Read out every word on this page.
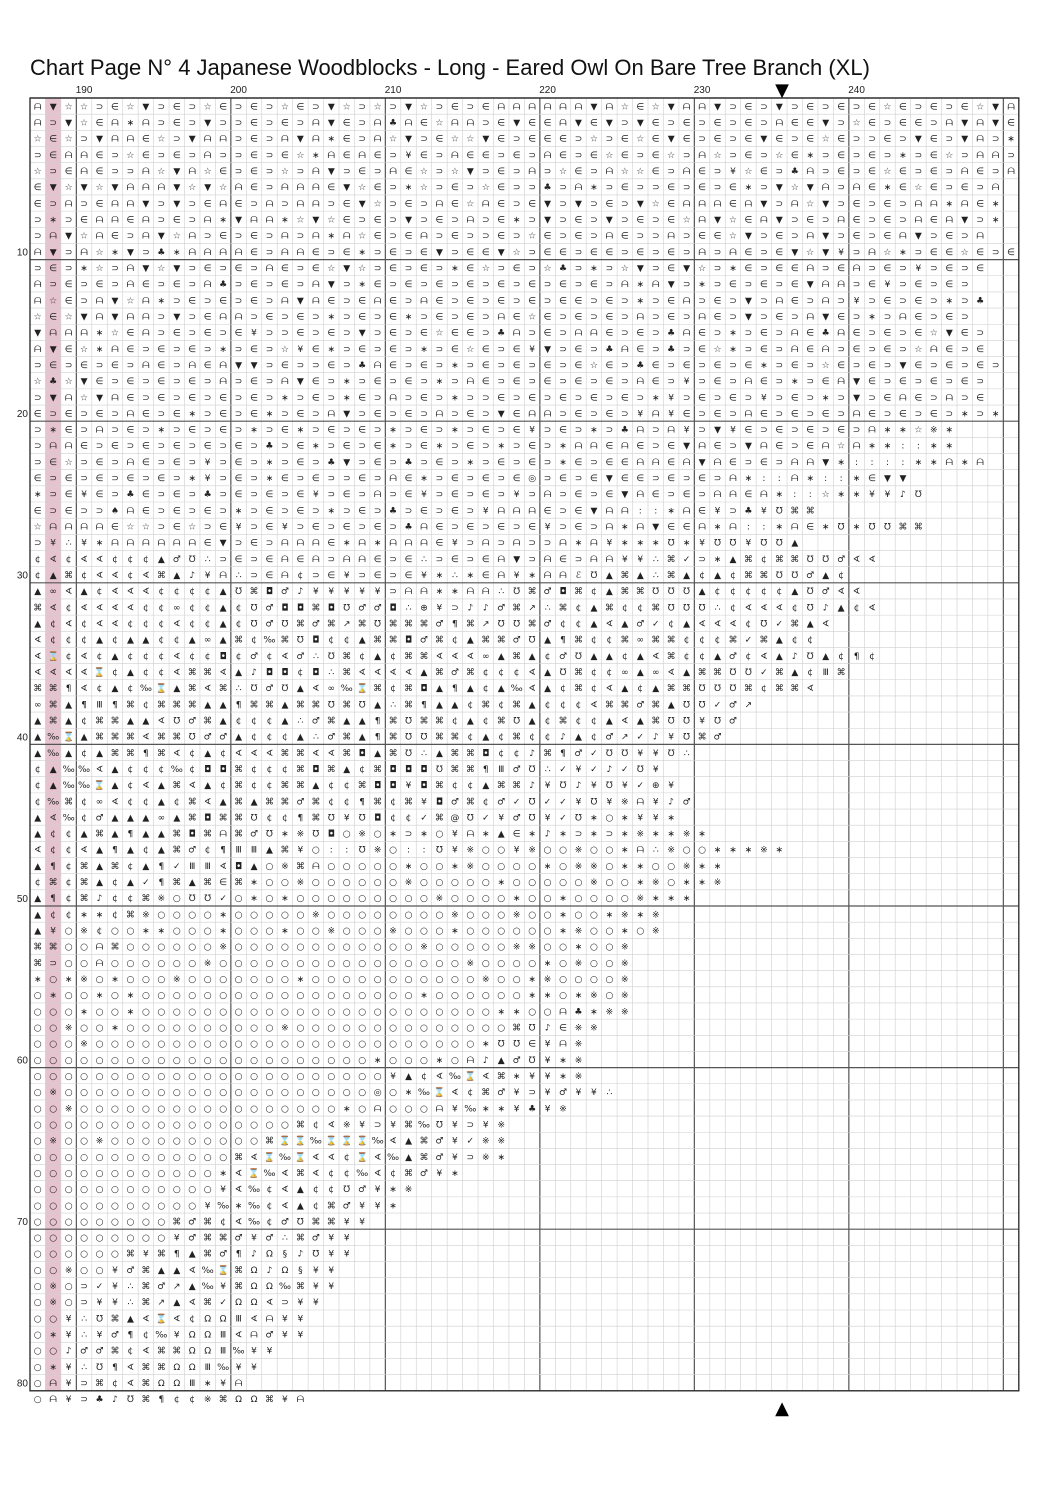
Chart Page N° 4 Japanese Woodblocks - Long - Eared Owl On Bare Tree Branch (XL)
ᗩ ▼ ☆ ☆ ⊃ ∈ ☆ ▼ ⊃ ∈ ⊃ ☆ ∈ ⊃ ∈ ⊃ ☆ ∈ ⊃ ▼ ☆ ⊃ ☆ ⊃ ▼ ☆ ⊃ ∈ ⊃ ∈ ᗩ ᗩ ᗩ ᗩ ᗩ ᗩ ▼ ᗩ ☆ ∈ ☆ ▼ ᗩ ᗩ ▼ ⊃ ∈ ⊃ ▼ ⊃ ∈ ⊃ ∈ ⊃ ∈ ☆ ∈ ⊃ ∈ ⊃ ∈ ☆ ▼ ᗩ
ᗩ ⊃ ▼ ☆ ∈ ᗩ ∗ ᗩ ⊃ ∈ ⊃ ▼ ⊃ ⊃ ∈ ⊃ ∈ ⊃ ᗩ ▼ ∈ ⊃ ᗩ ♣ ᗩ ∈ ☆ ᗩ ᗩ ⊃ ∈ ▼ ∈ ∈ ᗩ ▼ ∈ ▼ ⊃ ▼ ∈ ⊃ ∈ ⊃ ∈ ⊃ ∈ ⊃ ᗩ ∈ ∈ ▼ ⊃ ☆ ∈ ⊃ ∈ ∈ ⊃ ᗩ ▼ ᗩ ▼ ∈
☆ ∈ ☆ ⊃ ▼ ᗩ ᗩ ∈ ☆ ⊃ ▼ ᗩ ᗩ ⊃ ∈ ⊃ ᗩ ▼ ᗩ ∗ ∈ ⊃ ᗩ ☆ ▼ ⊃ ∈ ☆ ☆ ▼ ∈ ⊃ ∈ ∈ ∈ ⊃ ☆ ⊃ ∈ ☆ ∈ ▼ ∈ ⊃ ∈ ⊃ ∈ ▼ ∈ ⊃ ∈ ☆ ∈ ⊃ ⊃ ∈ ⊃ ▼ ∈ ⊃ ▼ ᗩ ⊃ ∗
⊃ ∈ ᗩ ᗩ ∈ ⊃ ☆ ∈ ⊃ ∈ ⊃ ᗩ ⊃ ⊃ ∈ ⊃ ∈ ☆ ∗ ᗩ ∈ ᗩ ∈ ⊃ ¥ ∈ ⊃ ᗩ ∈ ∈ ⊃ ∈ ⊃ ᗩ ∈ ⊃ ∈ ☆ ∈ ⊃ ∈ ☆ ⊃ ᗩ ☆ ⊃ ∈ ⊃ ☆ ∈ ∗ ⊃ ∈ ⊃ ∈ ⊃ ∗ ⊃ ∈ ☆ ⊃ ᗩ ᗩ ⊃
☆ ⊃ ∈ ᗩ ∈ ⊃ ⊃ ᗩ ☆ ▼ ᗩ ☆ ∈ ⊃ ∈ ⊃ ☆ ⊃ ᗩ ▼ ⊃ ∈ ⊃ ᗩ ∈ ☆ ⊃ ☆ ▼ ⊃ ∈ ⊃ ᗩ ⊃ ☆ ∈ ⊃ ᗩ ☆ ☆ ∈ ⊃ ᗩ ∈ ⊃ ¥ ☆ ∈ ⊃ ♣ ᗩ ⊃ ∈ ⊃ ∈ ☆ ∈ ⊃ ∈ ⊃ ᗩ ∈ ⊃ ᗩ
∈ ▼ ☆ ▼ ☆ ▼ ᗩ ᗩ ᗩ ▼ ☆ ▼ ☆ ᗩ ∈ ⊃ ᗩ ᗩ ᗩ ∈ ▼ ☆ ∈ ⊃ ∗ ☆ ⊃ ∈ ⊃ ☆ ∈ ⊃ ⊃ ♣ ⊃ ᗩ ∗ ⊃ ∈ ⊃ ⊃ ∈ ⊃ ∈ ⊃ ∈ ∗ ⊃ ▼ ☆ ▼ ᗩ ⊃ ᗩ ∈ ∗ ∈ ☆ ∈ ⊃ ∈ ⊃ ᗩ
∈ ⊃ ᗩ ⊃ ∈ ᗩ ᗩ ▼ ⊃ ▼ ⊃ ∈ ᗩ ∈ ⊃ ᗩ ⊃ ᗩ ᗩ ⊃ ∈ ▼ ☆ ⊃ ∈ ⊃ ᗩ ∈ ☆ ᗩ ∈ ⊃ ∈ ▼ ⊃ ▼ ⊃ ∈ ⊃ ▼ ☆ ∈ ᗩ ᗩ ᗩ ∈ ᗩ ▼ ⊃ ᗩ ☆ ▼ ⊃ ∈ ⊃ ∈ ⊃ ᗩ ᗩ ∗ ᗩ ∈ ∗
⊃ ∗ ⊃ ∈ ᗩ ᗩ ∈ ᗩ ⊃ ∈ ⊃ ᗩ ∗ ▼ ᗩ ᗩ ∗ ☆ ▼ ☆ ∈ ⊃ ∈ ⊃ ▼ ⊃ ∈ ⊃ ᗩ ⊃ ∈ ∗ ⊃ ▼ ⊃ ∈ ⊃ ▼ ⊃ ∈ ⊃ ∈ ☆ ᗩ ▼ ☆ ∈ ᗩ ▼ ⊃ ∈ ⊃ ᗩ ∈ ⊃ ∈ ⊃ ᗩ ∈ ᗩ ▼ ⊃ ∗
⊃ ᗩ ▼ ☆ ᗩ ∈ ⊃ ᗩ ▼ ☆ ᗩ ⊃ ∈ ⊃ ∈ ⊃ ᗩ ⊃ ᗩ ∗ ᗩ ☆ ∈ ⊃ ∈ ᗩ ⊃ ∈ ⊃ ⊃ ∈ ⊃ ☆ ∈ ⊃ ∈ ⊃ ᗩ ∈ ⊃ ⊃ ᗩ ⊃ ∈ ∈ ☆ ▼ ⊃ ∈ ⊃ ᗩ ▼ ⊃ ∈ ⊃ ∈ ᗩ ▼ ⊃ ∈ ⊃ ᗩ
ᗩ ▼ ⊃ ᗩ ☆ ∗ ▼ ⊃ ♣ ∗ ᗩ ᗩ ᗩ ᗩ ∈ ⊃ ᗩ ᗩ ∈ ⊃ ∈ ∗ ⊃ ∈ ⊃ ∈ ▼ ⊃ ∈ ∈ ▼ ☆ ⊃ ∈ ∈ ⊃ ∈ ∈ ⊃ ∈ ⊃ ∈ ⊃ ᗩ ⊃ ᗩ ∈ ⊃ ∈ ▼ ☆ ▼ ¥ ⊃ ᗩ ☆ ∗ ⊃ ∈ ∈ ☆ ∈ ⊃ ∈
⊃ ∈ ⊃ ∗ ☆ ⊃ ᗩ ▼ ☆ ▼ ⊃ ∈ ⊃ ∈ ⊃ ᗩ ∈ ⊃ ∈ ☆ ▼ ☆ ⊃ ∈ ⊃ ∈ ⊃ ∗ ∈ ☆ ⊃ ∈ ⊃ ☆ ♣ ⊃ ∗ ⊃ ☆ ▼ ⊃ ∈ ▼ ☆ ⊃ ∗ ∈ ⊃ ∈ ∈ ᗩ ⊃ ∈ ᗩ ⊃ ∈ ⊃ ¥ ⊃ ∈ ⊃ ∈
ᗩ ⊃ ∈ ⊃ ∈ ⊃ ᗩ ∈ ⊃ ∈ ⊃ ᗩ ♣ ⊃ ∈ ⊃ ∈ ⊃ ᗩ ▼ ⊃ ∗ ∈ ⊃ ∈ ⊃ ∈ ⊃ ∈ ⊃ ∈ ⊃ ∈ ⊃ ∈ ⊃ ∈ ⊃ ᗩ ∗ ᗩ ▼ ⊃ ∗ ⊃ ∈ ⊃ ∈ ⊃ ∈ ▼ ᗩ ᗩ ⊃ ∈ ¥ ⊃ ∈ ⊃ ∈ ⊃
ᗩ ☆ ∈ ⊃ ᗩ ▼ ☆ ᗩ ∗ ⊃ ∈ ⊃ ∈ ⊃ ∈ ⊃ ᗩ ▼ ᗩ ∈ ⊃ ∈ ᗩ ∈ ⊃ ᗩ ∈ ⊃ ∈ ⊃ ∈ ⊃ ∈ ⊃ ∈ ∈ ⊃ ∈ ⊃ ∗ ⊃ ∈ ᗩ ⊃ ∈ ⊃ ▼ ⊃ ᗩ ∈ ⊃ ᗩ ⊃ ¥ ⊃ ∈ ⊃ ∈ ⊃ ∗ ⊃ ♣
☆ ∈ ☆ ▼ ᗩ ▼ ᗩ ᗩ ⊃ ▼ ⊃ ∈ ᗩ ᗩ ⊃ ∈ ⊃ ∈ ⊃ ∗ ⊃ ∈ ⊃ ∈ ∗ ⊃ ∈ ⊃ ∈ ⊃ ᗩ ∈ ☆ ∈ ⊃ ∈ ⊃ ∈ ⊃ ᗩ ⊃ ∈ ⊃ ᗩ ∈ ⊃ ▼ ⊃ ∈ ⊃ ᗩ ▼ ∈ ⊃ ∗ ⊃ ᗩ ∈ ⊃ ∈ ⊃
▼ ᗩ ᗩ ᗩ ∗ ☆ ∈ ᗩ ⊃ ∈ ⊃ ∈ ⊃ ∈ ¥ ⊃ ⊃ ∈ ⊃ ∈ ⊃ ▼ ⊃ ∈ ⊃ ∈ ☆ ∈ ∈ ⊃ ♣ ᗩ ⊃ ∈ ⊃ ᗩ ᗩ ∈ ⊃ ∈ ⊃ ♣ ᗩ ∈ ⊃ ∗ ⊃ ∈ ⊃ ᗩ ∈ ♣ ᗩ ∈ ⊃ ∈ ⊃ ∈ ☆ ▼ ∈ ⊃
ᗩ ▼ ∈ ☆ ∗ ᗩ ∈ ⊃ ∈ ⊃ ∈ ⊃ ∗ ⊃ ∈ ⊃ ☆ ¥ ∈ ∗ ⊃ ∈ ⊃ ∈ ⊃ ∗ ⊃ ∈ ☆ ∈ ⊃ ∈ ¥ ▼ ⊃ ∈ ⊃ ♣ ᗩ ∈ ⊃ ♣ ⊃ ∈ ☆ ∗ ⊃ ∈ ⊃ ᗩ ∈ ᗩ ⊃ ∈ ⊃ ∈ ⊃ ☆ ᗩ ∈ ⊃ ∈
⊃ ∈ ⊃ ∈ ⊃ ∈ ⊃ ᗩ ∈ ⊃ ᗩ ∈ ᗩ ▼ ▼ ⊃ ∈ ⊃ ⊃ ∈ ⊃ ♣ ᗩ ∈ ⊃ ∈ ⊃ ∗ ⊃ ∈ ⊃ ∈ ⊃ ∈ ⊃ ∈ ☆ ∈ ⊃ ♣ ∈ ⊃ ∈ ⊃ ∈ ⊃ ∈ ∗ ⊃ ∈ ⊃ ☆ ∈ ⊃ ∈ ⊃ ▼ ∈ ⊃ ∈ ⊃ ∈ ⊃
☆ ♣ ☆ ▼ ∈ ⊃ ∈ ⊃ ∈ ⊃ ∈ ⊃ ᗩ ⊃ ∈ ⊃ ᗩ ▼ ∈ ⊃ ∗ ⊃ ∈ ⊃ ∈ ⊃ ∗ ⊃ ᗩ ∈ ⊃ ∈ ⊃ ∈ ⊃ ∈ ⊃ ∈ ⊃ ᗩ ∈ ⊃ ¥ ⊃ ∈ ⊃ ᗩ ∈ ⊃ ∗ ⊃ ∈ ᗩ ▼ ∈ ⊃ ∈ ⊃ ∈ ⊃ ∈ ⊃
⊃ ▼ ᗩ ☆ ▼ ᗩ ∈ ⊃ ∈ ⊃ ∈ ⊃ ∈ ⊃ ∈ ⊃ ∗ ⊃ ∈ ⊃ ∗ ∈ ⊃ ᗩ ⊃ ∈ ⊃ ∗ ⊃ ⊃ ∈ ⊃ ∈ ⊃ ∈ ⊃ ∈ ⊃ ∈ ⊃ ∗ ¥ ⊃ ∈ ⊃ ∈ ⊃ ¥ ⊃ ∈ ⊃ ∗ ⊃ ▼ ⊃ ∈ ᗩ ∈ ⊃ ᗩ ⊃ ∈
∈ ⊃ ∈ ⊃ ∈ ⊃ ᗩ ∈ ⊃ ∈ ∗ ⊃ ∈ ⊃ ∈ ∗ ⊃ ∈ ⊃ ᗩ ▼ ⊃ ∈ ⊃ ∈ ⊃ ᗩ ⊃ ∈ ⊃ ▼ ∈ ᗩ ᗩ ⊃ ∈ ⊃ ∈ ⊃ ¥ ᗩ ¥ ∈ ⊃ ∈ ⊃ ᗩ ∈ ⊃ ∈ ⊃ ∈ ⊃ ᗩ ∈ ⊃ ∈ ⊃ ∈ ⊃ ∗ ⊃ ∗
⊃ ∗ ∈ ⊃ ᗩ ⊃ ∈ ⊃ ∗ ⊃ ∈ ⊃ ∈ ⊃ ∗ ⊃ ∈ ∗ ⊃ ∈ ⊃ ∈ ⊃ ∗ ⊃ ∈ ⊃ ∗ ⊃ ∈ ⊃ ∈ ¥ ⊃ ∈ ⊃ ∗ ⊃ ♣ ᗩ ⊃ ᗩ ¥ ⊃ ▼ ¥ ∈ ⊃ ∈ ⊃ ∈ ⊃ ∈ ⊃ ᗩ ∗ ∗ ☆ ※ ∗
⊃ ᗩ ᗩ ∈ ⊃ ∈ ⊃ ∈ ⊃ ∈ ⊃ ∈ ⊃ ∈ ⊃ ♣ ⊃ ∈ ∗ ⊃ ∈ ⊃ ∈ ∗ ⊃ ∈ ∗ ⊃ ∈ ⊃ ∗ ⊃ ∈ ⊃ ∗ ᗩ ᗩ ∈ ᗩ ∈ ⊃ ∈ ▼ ᗩ ∈ ⊃ ▼ ᗩ ∈ ⊃ ∈ ᗩ ☆ ᗩ ∗ ∗ : : ∗ ∗
⊃ ∈ ☆ ⊃ ∈ ⊃ ᗩ ∈ ⊃ ∈ ⊃ ¥ ⊃ ∈ ⊃ ∗ ⊃ ∈ ⊃ ♣ ▼ ⊃ ∈ ⊃ ♣ ⊃ ∈ ⊃ ∗ ⊃ ∈ ⊃ ∈ ⊃ ∗ ∈ ⊃ ∈ ∈ ᗩ ᗩ ∈ ᗩ ▼ ᗩ ∈ ⊃ ∈ ⊃ ᗩ ᗩ ▼ ∗ : : : : ∗ ∗ ᗩ ∗ ᗩ
∈ ⊃ ∈ ⊃ ∈ ⊃ ∈ ⊃ ∈ ⊃ ∗ ¥ ⊃ ∈ ⊃ ∗ ∈ ⊃ ∈ ⊃ ⊃ ∈ ⊃ ᗩ ∈ ∗ ⊃ ∈ ⊃ ∈ ⊃ ∈ ◎ ⊃ ∈ ⊃ ∈ ▼ ∈ ∈ ⊃ ∈ ⊃ ∈ ⊃ ᗩ ∗ : : ᗩ ∗ : : ∗ ∈ ▼ ▼
∗ ⊃ ∈ ¥ ∈ ⊃ ♣ ∈ ⊃ ∈ ⊃ ♣ ⊃ ∈ ⊃ ∈ ⊃ ∈ ¥ ⊃ ∈ ⊃ ᗩ ⊃ ∈ ¥ ⊃ ∈ ⊃ ∈ ⊃ ¥ ⊃ ᗩ ⊃ ∈ ⊃ ∈ ▼ ᗩ ∈ ⊃ ∈ ⊃ ᗩ ᗩ ∈ ᗩ ∗ : : ☆ ∗ ∗ ¥ ¥ ♪ ℧
∈ ⊃ ∈ ⊃ ⊃ ♠ ᗩ ∈ ⊃ ∈ ⊃ ∈ ⊃ ∗ ⊃ ∈ ⊃ ∈ ⊃ ∗ ⊃ ∈ ⊃ ♣ ⊃ ∈ ⊃ ∈ ⊃ ¥ ᗩ ᗩ ᗩ ∈ ⊃ ∈ ▼ ᗩ ᗩ : : ∗ ᗩ ∈ ¥ ⊃ ♣ ¥ ℧ ⌘ ⌘
☆ ᗩ ᗩ ᗩ ᗩ ∈ ☆ ☆ ⊃ ∈ ☆ ⊃ ∈ ¥ ⊃ ∈ ¥ ⊃ ∈ ⊃ ∈ ⊃ ∈ ⊃ ♣ ᗩ ∈ ⊃ ∈ ⊃ ∈ ⊃ ∈ ¥ ⊃ ∈ ⊃ ᗩ ∗ ᗩ ▼ ∈ ∈ ᗩ ∗ ᗩ : : ∗ ᗩ ∈ ∗ ℧ ∗ ℧ ℧ ⌘ ⌘
⊃ ¥ ∴ ¥ ∗ ᗩ ᗩ ᗩ ᗩ ᗩ ᗩ ∈ ▼ ⊃ ∈ ⊃ ᗩ ᗩ ᗩ ∈ ∗ ᗩ ∗ ᗩ ᗩ ᗩ ∈ ¥ ⊃ ᗩ ⊃ ᗩ ⊃ ⊃ ᗩ ∗ ᗩ ¥ ∗ ∗ ∗ ℧ ∗ ¥ ℧ ℧ ¥ ℧ ℧ ▲
¢ ∢ ¢ ∢ ∢ ¢ ¢ ¢ ▲ ♂ ℧ ∴ ⊃ ∈ ⊃ ∈ ᗩ ∈ ᗩ ⊃ ᗩ ᗩ ∈ ⊃ ∈ ∴ ⊃ ∈ ⊃ ∈ ᗩ ▼ ⊃ ᗩ ∈ ⊃ ᗩ ᗩ ¥ ¥ ∴ ⌘ ✓ ⊃ ∗ ▲ ⌘ ¢ ⌘ ⌘ ℧ ℧ ♂ ∢ ∢
¢ ▲ ⌘ ¢ ∢ ∢ ¢ ∢ ⌘ ▲ ♪ ¥ ᗩ ∴ ⊃ ∈ ᗩ ¢ ⊃ ∈ ¥ ⊃ ∈ ⊃ ∈ ¥ ∗ ∴ ∗ ∈ ᗩ ¥ ∗ ᗩ ᗩ ℰ ℧ ▲ ⌘ ▲ ∴ ⌘ ▲ ¢ ▲ ¢ ⌘ ⌘ ℧ ℧ ♂ ▲ ¢
▲ ∞ ∢ ▲ ¢ ∢ ∢ ∢ ¢ ¢ ¢ ¢ ▲ ℧ ⌘ ◘ ♂ ♪ ¥ ¥ ¥ ¥ ¥ ⊃ ᗩ ᗩ ∗ ∗ ᗩ ᗩ ∴ ℧ ⌘ ♂ ◘ ⌘ ¢ ▲ ⌘ ⌘ ℧ ℧ ℧ ▲ ¢ ¢ ¢ ¢ ¢ ▲ ℧ ♂ ∢ ∢
⌘ ∢ ¢ ∢ ∢ ∢ ∢ ¢ ¢ ∞ ¢ ¢ ▲ ¢ ℧ ♂ ◘ ◘ ⌘ ◘ ℧ ♂ ♂ ◘ ∴ ⊕ ¥ ⊃ ♪ ♪ ♂ ⌘ ↗ ∴ ⌘ ¢ ▲ ⌘ ¢ ¢ ⌘ ℧ ℧ ℧ ∴ ¢ ∢ ∢ ∢ ¢ ℧ ♪ ▲ ¢ ∢
▲ ¢ ∢ ¢ ∢ ∢ ¢ ¢ ¢ ∢ ¢ ¢ ▲ ¢ ℧ ♂ ℧ ⌘ ♂ ⌘ ↗ ⌘ ℧ ⌘ ⌘ ⌘ ♂ ¶ ⌘ ↗ ℧ ℧ ⌘ ♂ ¢ ¢ ▲ ∢ ▲ ♂ ✓ ¢ ▲ ∢ ∢ ∢ ¢ ℧ ✓ ⌘ ▲ ∢
∢ ¢ ¢ ¢ ▲ ¢ ▲ ▲ ¢ ¢ ▲ ∞ ▲ ⌘ ¢ ‰ ⌘ ℧ ◘ ¢ ¢ ▲ ⌘ ⌘ ◘ ♂ ⌘ ¢ ▲ ⌘ ⌘ ♂ ℧ ▲ ¶ ⌘ ¢ ¢ ⌘ ∞ ⌘ ⌘ ¢ ¢ ¢ ⌘ ✓ ⌘ ▲ ¢ ¢
∢ ⌛ ¢ ∢ ¢ ▲ ¢ ¢ ¢ ∢ ¢ ¢ ◘ ¢ ♂ ¢ ∢ ♂ ∴ ℧ ⌘ ¢ ▲ ¢ ⌘ ⌘ ∢ ∢ ∢ ∞ ▲ ⌘ ▲ ¢ ♂ ℧ ▲ ▲ ¢ ▲ ∢ ⌘ ¢ ¢ ▲ ♂ ¢ ∢ ▲ ♪ ℧ ▲ ¢ ¶ ¢
∢ ∢ ∢ ∢ ⌛ ¢ ▲ ¢ ¢ ∢ ⌘ ⌘ ∢ ▲ ♪ ◘ ◘ ¢ ◘ ∴ ⌘ ∢ ∢ ∢ ∢ ▲ ⌘ ♂ ⌘ ¢ ¢ ¢ ∢ ▲ ℧ ⌘ ¢ ¢ ∞ ▲ ∞ ∢ ▲ ⌘ ⌘ ℧ ℧ ✓ ⌘ ▲ ¢ Ⅲ ⌘
⌘ ⌘ ¶ ∢ ¢ ▲ ¢ ‰ ⌛ ▲ ⌘ ∢ ⌘ ∴ ℧ ♂ ℧ ▲ ∢ ∞ ‰ ⌛ ⌘ ¢ ⌘ ◘ ▲ ¶ ▲ ¢ ▲ ‰ ∢ ▲ ¢ ⌘ ¢ ∢ ▲ ¢ ▲ ⌘ ⌘ ℧ ℧ ℧ ⌘ ¢ ⌘ ⌘ ∢
∞ ⌘ ▲ ¶ Ⅲ ¶ ⌘ ¢ ⌘ ⌘ ⌘ ▲ ▲ ¶ ⌘ ⌘ ▲ ⌘ ⌘ ℧ ⌘ ℧ ▲ ∴ ⌘ ¶ ▲ ▲ ¢ ⌘ ¢ ⌘ ▲ ¢ ¢ ¢ ∢ ⌘ ⌘ ♂ ⌘ ▲ ℧ ℧ ✓ ♂ ↗
▲ ⌘ ▲ ¢ ⌘ ⌘ ▲ ▲ ∢ ℧ ♂ ⌘ ▲ ¢ ¢ ¢ ▲ ∴ ♂ ⌘ ▲ ▲ ¶ ⌘ ℧ ⌘ ⌘ ¢ ▲ ¢ ⌘ ℧ ▲ ¢ ⌘ ¢ ¢ ▲ ∢ ▲ ⌘ ℧ ℧ ¥ ℧ ♂
▲ ‰ ⌛ ▲ ⌘ ⌘ ⌘ ∢ ⌘ ⌘ ℧ ♂ ♂ ▲ ¢ ¢ ¢ ▲ ∴ ♂ ⌘ ▲ ¶ ⌘ ℧ ℧ ⌘ ⌘ ¢ ▲ ¢ ⌘ ¢ ¢ ♪ ▲ ¢ ♂ ↗ ✓ ♪ ¥ ℧ ⌘ ♂
▲ ‰ ▲ ¢ ▲ ⌘ ⌘ ¶ ⌘ ∢ ¢ ▲ ¢ ∢ ∢ ∢ ⌘ ⌘ ∢ ∢ ⌘ ◘ ▲ ⌘ ℧ ∴ ▲ ⌘ ⌘ ◘ ¢ ¢ ♪ ⌘ ¶ ♂ ✓ ℧ ℧ ¥ ¥ ℧ ∴
¢ ▲ ‰ ‰ ∢ ▲ ¢ ¢ ¢ ‰ ¢ ◘ ◘ ⌘ ¢ ¢ ¢ ⌘ ◘ ⌘ ▲ ¢ ⌘ ◘ ◘ ◘ ℧ ⌘ ⌘ ¶ Ⅲ ♂ ℧ ∴ ✓ ¥ ✓ ♪ ✓ ℧ ¥
¢ ▲ ‰ ‰ ⌛ ▲ ¢ ∢ ▲ ⌘ ∢ ▲ ¢ ⌘ ¢ ¢ ⌘ ⌘ ▲ ¢ ¢ ⌘ ◘ ◘ ¥ ◘ ⌘ ¢ ¢ ▲ ⌘ ⌘ ♪ ¥ ℧ ♪ ¥ ℧ ¥ ✓ ⊕ ¥
¢ ‰ ⌘ ¢ ∞ ∢ ¢ ¢ ▲ ¢ ⌘ ∢ ▲ ⌘ ▲ ⌘ ⌘ ♂ ⌘ ¢ ¢ ¶ ⌘ ¢ ⌘ ¥ ◘ ♂ ⌘ ¢ ♂ ✓ ℧ ✓ ✓ ¥ ℧ ¥ ※ ᗩ ¥ ♪ ♂
▲ ∢ ‰ ¢ ♂ ▲ ▲ ▲ ∞ ▲ ⌘ ◘ ⌘ ⌘ ℧ ¢ ¢ ¶ ⌘ ℧ ¥ ℧ ◘ ¢ ¢ ✓ ⌘ @ ℧ ✓ ¥ ♂ ℧ ¥ ✓ ℧ ∗ ○ ∗ ¥ ¥ ∗
▲ ¢ ¢ ▲ ⌘ ▲ ¶ ▲ ▲ ⌘ ◘ ⌘ ᗩ ⌘ ♂ ℧ ∗ ※ ℧ ◘ ○ ※ ○ ∗ ⊃ ∗ ○ ¥ ᗩ ∗ ▲ ∈ ∗ ♪ ∗ ⊃ ∗ ⊃ ∗ ※ ∗ ∗ ※ ∗
∢ ¢ ¢ ∢ ▲ ¶ ▲ ¢ ▲ ⌘ ♂ ¢ ¶ Ⅲ Ⅲ ▲ ⌘ ¥ ○ : : ℧ ※ ○ : : ℧ ¥ ※ ○ ○ ¥ ※ ○ ○ ※ ○ ○ ∗ ᗩ ∴ ※ ○ ○ ∗ ∗ ∗ ※ ∗
▲ ¶ ¢ ⌘ ▲ ⌘ ¢ ▲ ¶ ✓ Ⅲ Ⅲ ∢ ◘ ▲ ○ ※ ⌘ ᗩ ○ ○ ○ ○ ○ ∗ ○ ○ ∗ ※ ○ ○ ○ ○ ∗ ○ ※ ※ ○ ∗ ∗ ○ ○ ※ ∗ ∗
¢ ⌘ ¢ ⌘ ▲ ¢ ▲ ✓ ¶ ⌘ ▲ ⌘ ∈ ⌘ ∗ ○ ○ ※ ○ ○ ○ ○ ○ ○ ※ ○ ○ ○ ○ ○ ∗ ○ ○ ○ ○ ○ ※ ○ ○ ∗ ※ ○ ∗ ∗ ※
▲ ¶ ¢ ⌘ ♪ ¢ ¢ ⌘ ※ ○ ℧ ℧ ✓ ○ ∗ ○ ∗ ○ ○ ○ ○ ○ ○ ○ ○ ○ ※ ○ ○ ○ ○ ∗ ○ ○ ∗ ○ ○ ○ ○ ※ ∗ ∗ ∗
▲ ¢ ¢ ∗ ∗ ¢ ⌘ ※ ○ ○ ○ ○ ∗ ○ ○ ○ ○ ○ ※ ○ ○ ○ ○ ○ ○ ○ ○ ※ ○ ○ ○ ※ ○ ○ ∗ ○ ○ ∗ ※ ∗ ※
▲ ¥ ○ ※ ¢ ○ ○ ∗ ∗ ○ ○ ○ ∗ ○ ○ ○ ∗ ○ ○ ※ ○ ○ ○ ※ ○ ○ ○ ∗ ○ ○ ○ ○ ○ ○ ∗ ※ ○ ○ ∗ ○ ※
⌘ ⌘ ○ ○ ᗩ ⌘ ○ ○ ○ ○ ○ ○ ※ ○ ○ ○ ○ ○ ○ ○ ○ ○ ○ ○ ○ ※ ○ ○ ○ ○ ○ ※ ※ ○ ○ ∗ ○ ○ ※
⌘ ⊃ ○ ○ ᗩ ○ ○ ○ ○ ○ ○ ※ ○ ○ ○ ○ ○ ○ ○ ○ ○ ○ ○ ○ ○ ○ ○ ○ ※ ○ ○ ○ ○ ∗ ○ ※ ○ ○ ※
∗ ○ ∗ ※ ○ ∗ ○ ○ ○ ※ ○ ○ ○ ○ ○ ○ ○ ∗ ○ ○ ○ ○ ○ ○ ○ ○ ○ ○ ○ ※ ○ ○ ∗ ※ ○ ○ ○ ○ ※
○ ∗ ○ ○ ∗ ○ ∗ ○ ○ ○ ○ ○ ○ ○ ○ ○ ○ ○ ○ ○ ○ ○ ○ ○ ○ ∗ ○ ○ ○ ○ ○ ○ ∗ ∗ ○ ∗ ※ ○ ※
○ ○ ○ ∗ ○ ○ ∗ ○ ○ ○ ○ ○ ○ ○ ○ ○ ○ ○ ○ ○ ○ ○ ○ ○ ○ ○ ○ ○ ○ ○ ∗ ∗ ○ ○ ᗩ ♣ ∗ ※ ※
○ ○ ※ ○ ○ ∗ ○ ○ ○ ○ ○ ○ ○ ○ ○ ○ ※ ○ ○ ○ ○ ○ ○ ○ ○ ○ ○ ○ ○ ○ ○ ⌘ ℧ ♪ ∈ ※ ※
○ ○ ○ ※ ○ ○ ○ ○ ○ ○ ○ ○ ○ ○ ○ ○ ○ ○ ○ ○ ○ ○ ○ ○ ○ ○ ○ ○ ○ ∗ ℧ ℧ ∈ ¥ ᗩ ※
○ ○ ○ ○ ○ ○ ○ ○ ○ ○ ○ ○ ○ ○ ○ ○ ○ ○ ○ ○ ○ ○ ∗ ○ ○ ○ ∗ ○ ᗩ ♪ ▲ ♂ ℧ ¥ ∗ ※
○ ○ ○ ○ ○ ○ ○ ○ ○ ○ ○ ○ ○ ○ ○ ○ ○ ○ ○ ○ ○ ○ ○ ¥ ▲ ¢ ∢ ‰ ⌛ ∢ ⌘ ∗ ¥ ¥ ∗ ※
○ ※ ○ ○ ○ ○ ○ ○ ○ ○ ○ ○ ○ ○ ○ ○ ○ ○ ○ ○ ○ ○ ◎ ○ ∗ ‰ ⌛ ∢ ¢ ⌘ ♂ ¥ ⊃ ¥ ♂ ¥ ¥ ∴
○ ○ ※ ○ ○ ○ ○ ○ ○ ○ ○ ○ ○ ○ ○ ○ ○ ○ ○ ○ ∗ ○ ᗩ ○ ○ ○ ᗩ ¥ ‰ ∗ ∗ ¥ ♣ ¥ ※
○ ○ ○ ○ ○ ○ ○ ○ ○ ○ ○ ○ ○ ○ ○ ○ ○ ⌘ ¢ ∢ ※ ¥ ⊃ ¥ ⌘ ‰ ℧ ¥ ⊃ ¥ ※
○ ※ ○ ○ ※ ○ ○ ○ ○ ○ ○ ○ ○ ○ ○ ⌘ ⌛ ⌛ ‰ ⌛ ⌛ ⌛ ‰ ∢ ▲ ⌘ ♂ ¥ ✓ ※ ※
○ ○ ○ ○ ○ ○ ○ ○ ○ ○ ○ ○ ○ ⌘ ∢ ⌛ ‰ ⌛ ∢ ∢ ¢ ⌛ ∢ ‰ ▲ ⌘ ♂ ¥ ⊃ ※ ∗
○ ○ ○ ○ ○ ○ ○ ○ ○ ○ ○ ○ ∗ ∢ ⌛ ‰ ∢ ⌘ ∢ ¢ ¢ ‰ ∢ ¢ ⌘ ♂ ¥ ∗
○ ○ ○ ○ ○ ○ ○ ○ ○ ○ ○ ○ ¥ ∢ ‰ ¢ ∢ ▲ ¢ ¢ ℧ ♂ ¥ ∗ ※
○ ○ ○ ○ ○ ○ ○ ○ ○ ○ ○ ¥ ‰ ∗ ‰ ¢ ∢ ▲ ¢ ⌘ ♂ ¥ ¥ ∗
○ ○ ○ ○ ○ ○ ○ ○ ○ ⌘ ♂ ⌘ ¢ ∢ ‰ ¢ ♂ ℧ ⌘ ⌘ ¥ ¥
○ ○ ○ ○ ○ ○ ○ ○ ○ ¥ ♂ ⌘ ⌘ ♂ ¥ ♂ ∴ ⌘ ♂ ¥ ¥
○ ○ ○ ○ ○ ○ ⌘ ¥ ⌘ ¶ ▲ ⌘ ♂ ¶ ♪ Ω § ♪ ℧ ¥ ¥
○ ○ ※ ○ ○ ¥ ♂ ⌘ ▲ ▲ ∢ ‰ ⌛ ⌘ Ω ♪ Ω § ¥ ¥
○ ※ ○ ⊃ ✓ ¥ ∴ ⌘ ♂ ↗ ▲ ‰ ¥ ⌘ Ω Ω ‰ ⌘ ¥ ¥
○ ※ ○ ⊃ ¥ ¥ ∴ ⌘ ↗ ▲ ∢ ⌘ ✓ Ω Ω ∢ ⊃ ¥ ¥
○ ○ ¥ ∴ ℧ ⌘ ▲ ∢ ⌛ ∢ ¢ Ω Ω Ⅲ ∢ ᗩ ¥ ¥
○ ∗ ¥ ∴ ¥ ♂ ¶ ¢ ‰ ¥ Ω Ω Ⅲ ∢ ᗩ ♂ ¥ ¥
○ ○ ♪ ♂ ♂ ⌘ ¢ ∢ ⌘ ⌘ Ω Ω Ⅲ ‰ ¥ ¥
○ ∗ ¥ ∴ ℧ ¶ ∢ ⌘ ⌘ Ω Ω Ⅲ ‰ ¥ ¥
○ ᗩ ¥ ⊃ ⌘ ¢ ∢ ⌘ Ω Ω Ⅲ ∗ ¥ ᗩ
○ ᗩ ¥ ⊃ ♣ ♪ ℧ ⌘ ¶ ¢ ¢ ※ ⌘ Ω Ω ⌘ ¥ ᗩ
190	200	210	220	230	240
10
20
30
40
50
60
70
80
▼
▲
